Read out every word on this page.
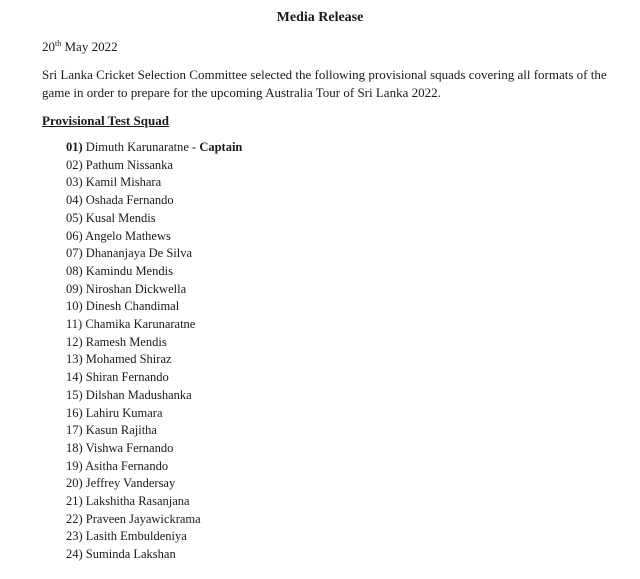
Media Release
20th May 2022
Sri Lanka Cricket Selection Committee selected the following provisional squads covering all formats of the game in order to prepare for the upcoming Australia Tour of Sri Lanka 2022.
Provisional Test Squad
01) Dimuth Karunaratne - Captain
02) Pathum Nissanka
03) Kamil Mishara
04) Oshada Fernando
05) Kusal Mendis
06) Angelo Mathews
07) Dhananjaya De Silva
08) Kamindu Mendis
09) Niroshan Dickwella
10) Dinesh Chandimal
11) Chamika Karunaratne
12) Ramesh Mendis
13) Mohamed Shiraz
14) Shiran Fernando
15) Dilshan Madushanka
16) Lahiru Kumara
17) Kasun Rajitha
18) Vishwa Fernando
19) Asitha Fernando
20) Jeffrey Vandersay
21) Lakshitha Rasanjana
22) Praveen Jayawickrama
23) Lasith Embuldeniya
24) Suminda Lakshan
